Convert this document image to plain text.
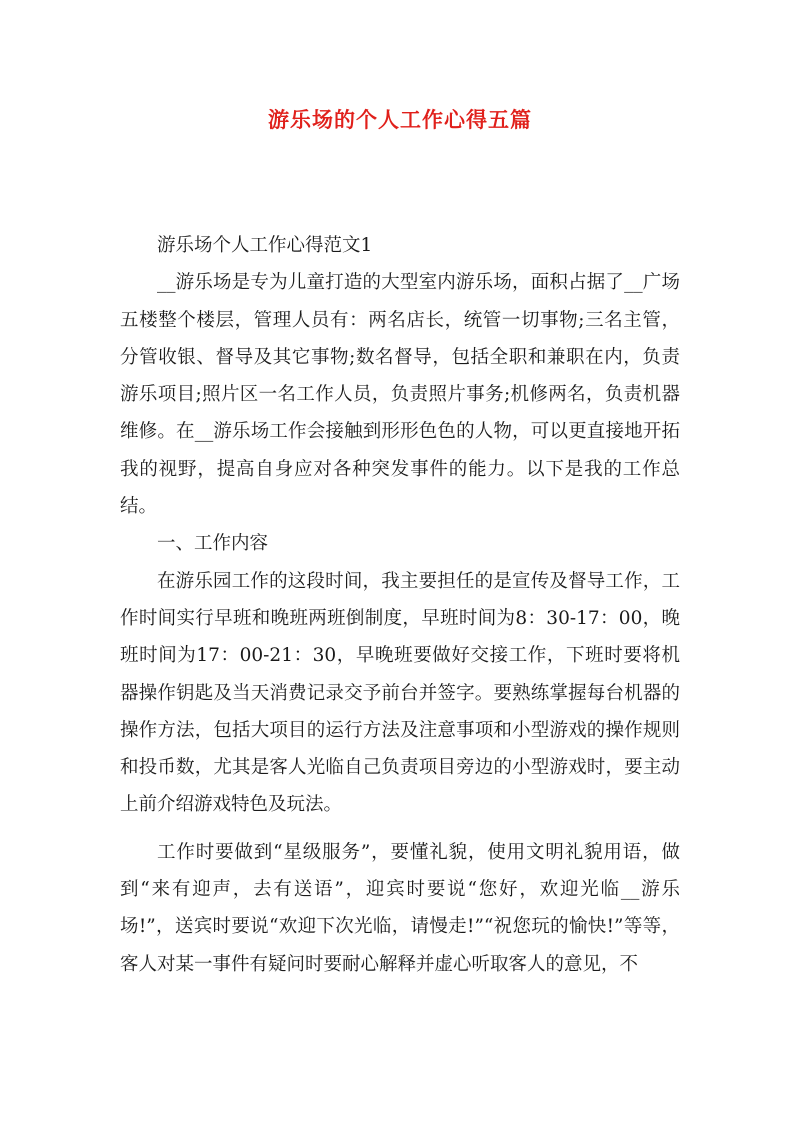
游乐场的个人工作心得五篇

游乐场个人工作心得范文1

__游乐场是专为儿童打造的大型室内游乐场，面积占据了__广场五楼整个楼层，管理人员有：两名店长，统管一切事物;三名主管，分管收银、督导及其它事物;数名督导，包括全职和兼职在内，负责游乐项目;照片区一名工作人员，负责照片事务;机修两名，负责机器维修。在__游乐场工作会接触到形形色色的人物，可以更直接地开拓我的视野，提高自身应对各种突发事件的能力。以下是我的工作总结。

一、工作内容

在游乐园工作的这段时间，我主要担任的是宣传及督导工作，工作时间实行早班和晚班两班倒制度，早班时间为8：30-17：00，晚班时间为17：00-21：30，早晚班要做好交接工作，下班时要将机器操作钥匙及当天消费记录交予前台并签字。要熟练掌握每台机器的操作方法，包括大项目的运行方法及注意事项和小型游戏的操作规则和投币数，尤其是客人光临自己负责项目旁边的小型游戏时，要主动上前介绍游戏特色及玩法。

工作时要做到“星级服务”，要懂礼貌，使用文明礼貌用语，做到“来有迎声，去有送语”，迎宾时要说“您好，欢迎光临__游乐场!”，送宾时要说“欢迎下次光临，请慢走!”“祝您玩的愉快!”等等，客人对某一事件有疑问时要耐心解释并虚心听取客人的意见，不
